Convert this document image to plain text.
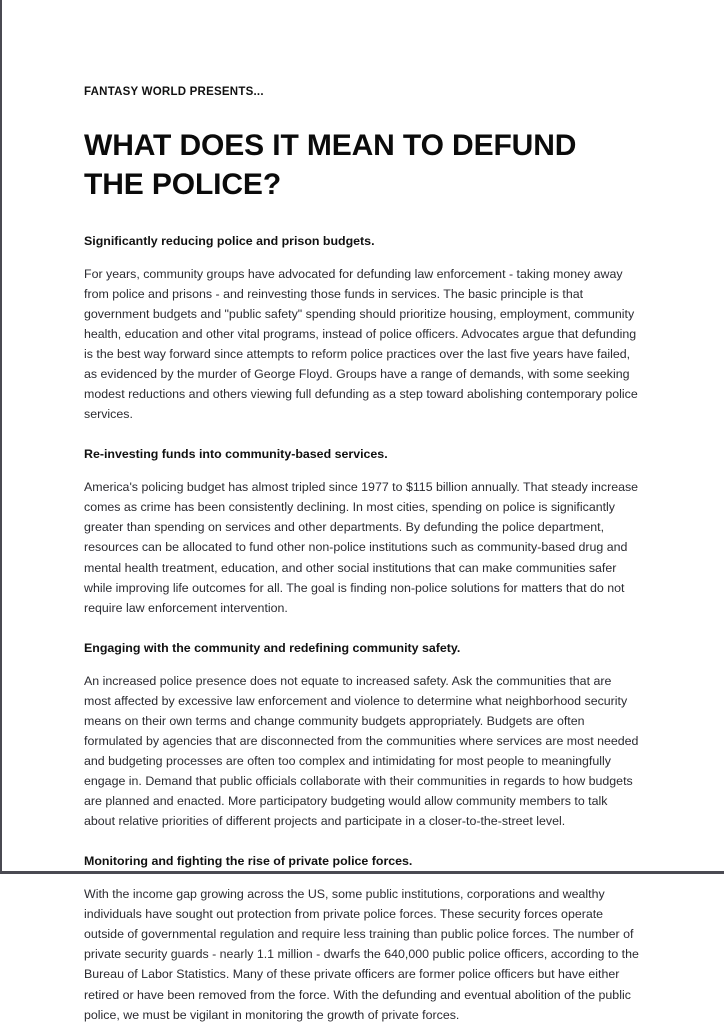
FANTASY WORLD PRESENTS...
WHAT DOES IT MEAN TO DEFUND THE POLICE?
Significantly reducing police and prison budgets.

For years, community groups have advocated for defunding law enforcement - taking money away from police and prisons - and reinvesting those funds in services. The basic principle is that government budgets and "public safety" spending should prioritize housing, employment, community health, education and other vital programs, instead of police officers. Advocates argue that defunding is the best way forward since attempts to reform police practices over the last five years have failed, as evidenced by the murder of George Floyd. Groups have a range of demands, with some seeking modest reductions and others viewing full defunding as a step toward abolishing contemporary police services.

Re-investing funds into community-based services.

America's policing budget has almost tripled since 1977 to $115 billion annually. That steady increase comes as crime has been consistently declining. In most cities, spending on police is significantly greater than spending on services and other departments. By defunding the police department, resources can be allocated to fund other non-police institutions such as community-based drug and mental health treatment, education, and other social institutions that can make communities safer while improving life outcomes for all. The goal is finding non-police solutions for matters that do not require law enforcement intervention.

Engaging with the community and redefining community safety.

An increased police presence does not equate to increased safety. Ask the communities that are most affected by excessive law enforcement and violence to determine what neighborhood security means on their own terms and change community budgets appropriately. Budgets are often formulated by agencies that are disconnected from the communities where services are most needed and budgeting processes are often too complex and intimidating for most people to meaningfully engage in. Demand that public officials collaborate with their communities in regards to how budgets are planned and enacted. More participatory budgeting would allow community members to talk about relative priorities of different projects and participate in a closer-to-the-street level.

Monitoring and fighting the rise of private police forces.

With the income gap growing across the US, some public institutions, corporations and wealthy individuals have sought out protection from private police forces. These security forces operate outside of governmental regulation and require less training than public police forces. The number of private security guards - nearly 1.1 million - dwarfs the 640,000 public police officers, according to the Bureau of Labor Statistics. Many of these private officers are former police officers but have either retired or have been removed from the force. With the defunding and eventual abolition of the public police, we must be vigilant in monitoring the growth of private forces.
